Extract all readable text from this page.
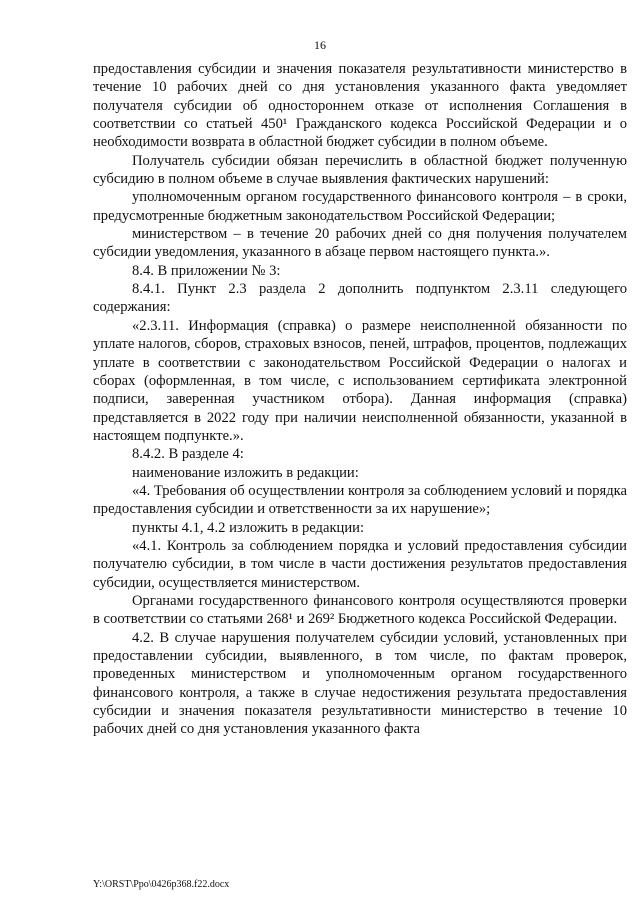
16

предоставления субсидии и значения показателя результативности министерство в течение 10 рабочих дней со дня установления указанного факта уведомляет получателя субсидии об одностороннем отказе от исполнения Соглашения в соответствии со статьей 450¹ Гражданского кодекса Российской Федерации и о необходимости возврата в областной бюджет субсидии в полном объеме.

Получатель субсидии обязан перечислить в областной бюджет полученную субсидию в полном объеме в случае выявления фактических нарушений:

уполномоченным органом государственного финансового контроля – в сроки, предусмотренные бюджетным законодательством Российской Федерации;

министерством – в течение 20 рабочих дней со дня получения получателем субсидии уведомления, указанного в абзаце первом настоящего пункта.».

8.4. В приложении № 3:

8.4.1. Пункт 2.3 раздела 2 дополнить подпунктом 2.3.11 следующего содержания:

«2.3.11. Информация (справка) о размере неисполненной обязанности по уплате налогов, сборов, страховых взносов, пеней, штрафов, процентов, подлежащих уплате в соответствии с законодательством Российской Федерации о налогах и сборах (оформленная, в том числе, с использованием сертификата электронной подписи, заверенная участником отбора). Данная информация (справка) представляется в 2022 году при наличии неисполненной обязанности, указанной в настоящем подпункте.».

8.4.2. В разделе 4:

наименование изложить в редакции:

«4. Требования об осуществлении контроля за соблюдением условий и порядка предоставления субсидии и ответственности за их нарушение»;

пункты 4.1, 4.2 изложить в редакции:

«4.1. Контроль за соблюдением порядка и условий предоставления субсидии получателю субсидии, в том числе в части достижения результатов предоставления субсидии, осуществляется министерством.

Органами государственного финансового контроля осуществляются проверки в соответствии со статьями 268¹ и 269² Бюджетного кодекса Российской Федерации.

4.2. В случае нарушения получателем субсидии условий, установленных при предоставлении субсидии, выявленного, в том числе, по фактам проверок, проведенных министерством и уполномоченным органом государственного финансового контроля, а также в случае недостижения результата предоставления субсидии и значения показателя результативности министерство в течение 10 рабочих дней со дня установления указанного факта

Y:\ORST\Ppo\0426p368.f22.docx
